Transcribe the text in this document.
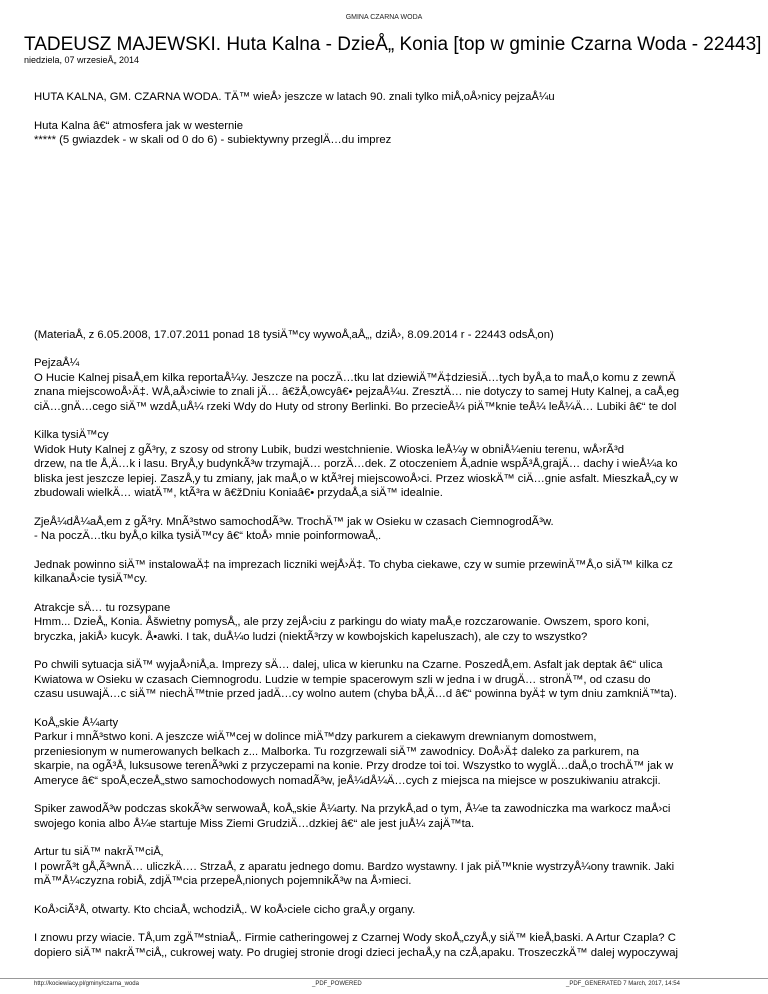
GMINA CZARNA WODA
TADEUSZ MAJEWSKI. Huta Kalna - DzieÅ„ Konia [top w gminie Czarna Woda - 22443]
niedziela, 07 wrzesieÅ„ 2014

HUTA KALNA, GM. CZARNA WODA. TÄ™ wieÅ› jeszcze w latach 90. znali tylko miÅ‚oÅ›nicy pejzaÅ¼u

Huta Kalna â€“ atmosfera jak w westernie

***** (5 gwiazdek - w skali od 0 do 6) - subiektywny przeglÄ…du imprez

(MateriaÅ‚ z 6.05.2008, 17.07.2011 ponad 18 tysiÄ™cy wywoÅ‚aÅ„, dziÅ›, 8.09.2014 r - 22443 odsÅ‚on)

PejzaÅ¼

O Hucie Kalnej pisaÅ‚em kilka reportaÅ¼y. Jeszcze na poczÄ…tku lat dziewiÄ™Ä‡dziesiÄ…tych byÅ‚a to maÅ‚o komu z zewnÄ

znana miejscowoÅ›Ä‡. WÅ‚aÅ›ciwie to znali jÄ… â€žÅ‚owcyâ€• pejzaÅ¼u. ZresztÄ… nie dotyczy to samej Huty Kalnej, a caÅ‚eg

ciÄ…gnÄ…cego siÄ™ wzdÅ‚uÅ¼ rzeki Wdy do Huty od strony Berlinki. Bo przecieÅ¼ piÄ™knie teÅ¼ leÅ¼Ä… Lubiki â€“ te dol

Kilka tysiÄ™cy

Widok Huty Kalnej z gÃ³ry, z szosy od strony Lubik, budzi westchnienie. Wioska leÅ¼y w obniÅ¼eniu terenu, wÅ›rÃ³d

drzew, na tle Å‚Ä…k i lasu. BryÅ‚y budynkÃ³w trzymajÄ… porzÄ…dek. Z otoczeniem Å‚adnie wspÃ³Å‚grajÄ… dachy i wieÅ¼a ko

bliska jest jeszcze lepiej. ZaszÅ‚y tu zmiany, jak maÅ‚o w ktÃ³rej miejscowoÅ›ci. Przez wioskÄ™ ciÄ…gnie asfalt. MieszkaÅ„cy w

zbudowali wielkÄ… wiatÄ™, ktÃ³ra w â€žDniu Koniaâ€• przydaÅ‚a siÄ™ idealnie.

ZjeÅ¼dÅ¼aÅ‚em z gÃ³ry. MnÃ³stwo samochodÃ³w. TrochÄ™ jak w Osieku w czasach CiemnogrodÃ³w.

- Na poczÄ…tku byÅ‚o kilka tysiÄ™cy â€“ ktoÅ› mnie poinformowaÅ‚.

Jednak powinno siÄ™ instalowaÄ‡ na imprezach liczniki wejÅ›Ä‡. To chyba ciekawe, czy w sumie przewinÄ™Å‚o siÄ™ kilka cz

kilkanaÅ›cie tysiÄ™cy.

Atrakcje sÄ… tu rozsypane

Hmm... DzieÅ„ Konia. Åšwietny pomysÅ‚, ale przy zejÅ›ciu z parkingu do wiaty maÅ‚e rozczarowanie. Owszem, sporo koni,

bryczka, jakiÅ› kucyk. Å•awki. I tak, duÅ¼o ludzi (niektÃ³rzy w kowbojskich kapeluszach), ale czy to wszystko?

Po chwili sytuacja siÄ™ wyjaÅ›niÅ‚a. Imprezy sÄ… dalej, ulica w kierunku na Czarne. PoszedÅ‚em. Asfalt jak deptak â€“ ulica

Kwiatowa w Osieku w czasach Ciemnogrodu. Ludzie w tempie spacerowym szli w jedna i w drugÄ… stronÄ™, od czasu do

czasu usuwajÄ…c siÄ™ niechÄ™tnie przed jadÄ…cy wolno autem (chyba bÅ‚Ä…d â€“ powinna byÄ‡ w tym dniu zamkniÄ™ta).

KoÅ„skie Å¼arty

Parkur i mnÃ³stwo koni. A jeszcze wiÄ™cej w dolince miÄ™dzy parkurem a ciekawym drewnianym domostwem,

przeniesionym w numerowanych belkach z... Malborka. Tu rozgrzewali siÄ™ zawodnicy. DoÅ›Ä‡ daleko za parkurem, na

skarpie, na ogÃ³Å‚ luksusowe terenÃ³wki z przyczepami na konie. Przy drodze toi toi. Wszystko to wyglÄ…daÅ‚o trochÄ™ jak w

Ameryce â€“ spoÅ‚eczeÅ„stwo samochodowych nomadÃ³w, jeÅ¼dÅ¼Ä…cych z miejsca na miejsce w poszukiwaniu atrakcji.

Spiker zawodÃ³w podczas skokÃ³w serwowaÅ‚ koÅ„skie Å¼arty. Na przykÅ‚ad o tym, Å¼e ta zawodniczka ma warkocz maÅ›ci

swojego konia albo Å¼e startuje Miss Ziemi GrudziÄ…dzkiej â€“ ale jest juÅ¼ zajÄ™ta.

Artur tu siÄ™ nakrÄ™ciÅ‚

I powrÃ³t gÅ‚Ã³wnÄ… uliczkÄ…. StrzaÅ‚ z aparatu jednego domu. Bardzo wystawny. I jak piÄ™knie wystrzyÅ¼ony trawnik. Jaki

mÄ™Å¼czyzna robiÅ‚ zdjÄ™cia przepeÅ‚nionych pojemnikÃ³w na Å›mieci.

KoÅ›ciÃ³Å‚ otwarty. Kto chciaÅ‚ wchodziÅ‚. W koÅ›ciele cicho graÅ‚y organy.

I znowu przy wiacie. TÅ‚um zgÄ™stniaÅ‚. Firmie catheringowej z Czarnej Wody skoÅ„czyÅ‚y siÄ™ kieÅ‚baski. A Artur Czapla? C

dopiero siÄ™ nakrÄ™ciÅ‚, cukrowej waty. Po drugiej stronie drogi dzieci jechaÅ‚y na czÅ‚apaku. TroszeczkÄ™ dalej wypoczywaj

http://kociewiacy.pl/gminy/czarna_woda	_PDF_POWERED	_PDF_GENERATED 7 March, 2017, 14:54
